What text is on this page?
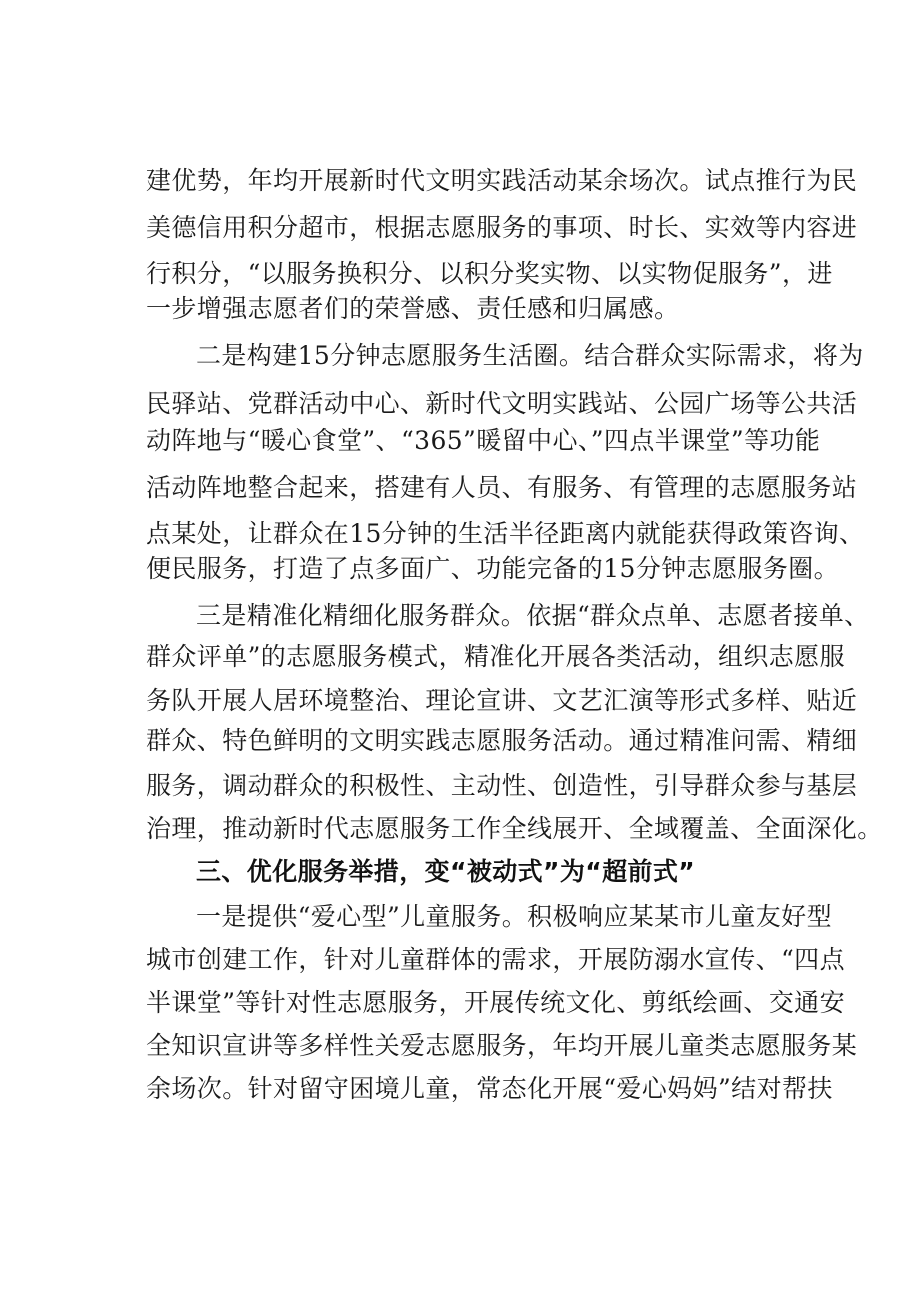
建优势，年均开展新时代文明实践活动某余场次。试点推行为民
美德信用积分超市，根据志愿服务的事项、时长、实效等内容进
行积分，“以服务换积分、以积分奖实物、以实物促服务”，进
一步增强志愿者们的荣誉感、责任感和归属感。
二是构建15分钟志愿服务生活圈。结合群众实际需求，将为
民驿站、党群活动中心、新时代文明实践站、公园广场等公共活
动阵地与“暖心食堂”、“365”暖留中心、”四点半课堂”等功能
活动阵地整合起来，搭建有人员、有服务、有管理的志愿服务站
点某处，让群众在15分钟的生活半径距离内就能获得政策咨询、
便民服务，打造了点多面广、功能完备的15分钟志愿服务圈。
三是精准化精细化服务群众。依据“群众点单、志愿者接单、
群众评单”的志愿服务模式，精准化开展各类活动，组织志愿服
务队开展人居环境整治、理论宣讲、文艺汇演等形式多样、贴近
群众、特色鲜明的文明实践志愿服务活动。通过精准问需、精细
服务，调动群众的积极性、主动性、创造性，引导群众参与基层
治理，推动新时代志愿服务工作全线展开、全域覆盖、全面深化。
三、优化服务举措，变“被动式”为“超前式”
一是提供“爱心型”儿童服务。积极响应某某市儿童友好型
城市创建工作，针对儿童群体的需求，开展防溺水宣传、“四点
半课堂”等针对性志愿服务，开展传统文化、剪纸绘画、交通安
全知识宣讲等多样性关爱志愿服务，年均开展儿童类志愿服务某
余场次。针对留守困境儿童，常态化开展“爱心妈妈”结对帮扶
